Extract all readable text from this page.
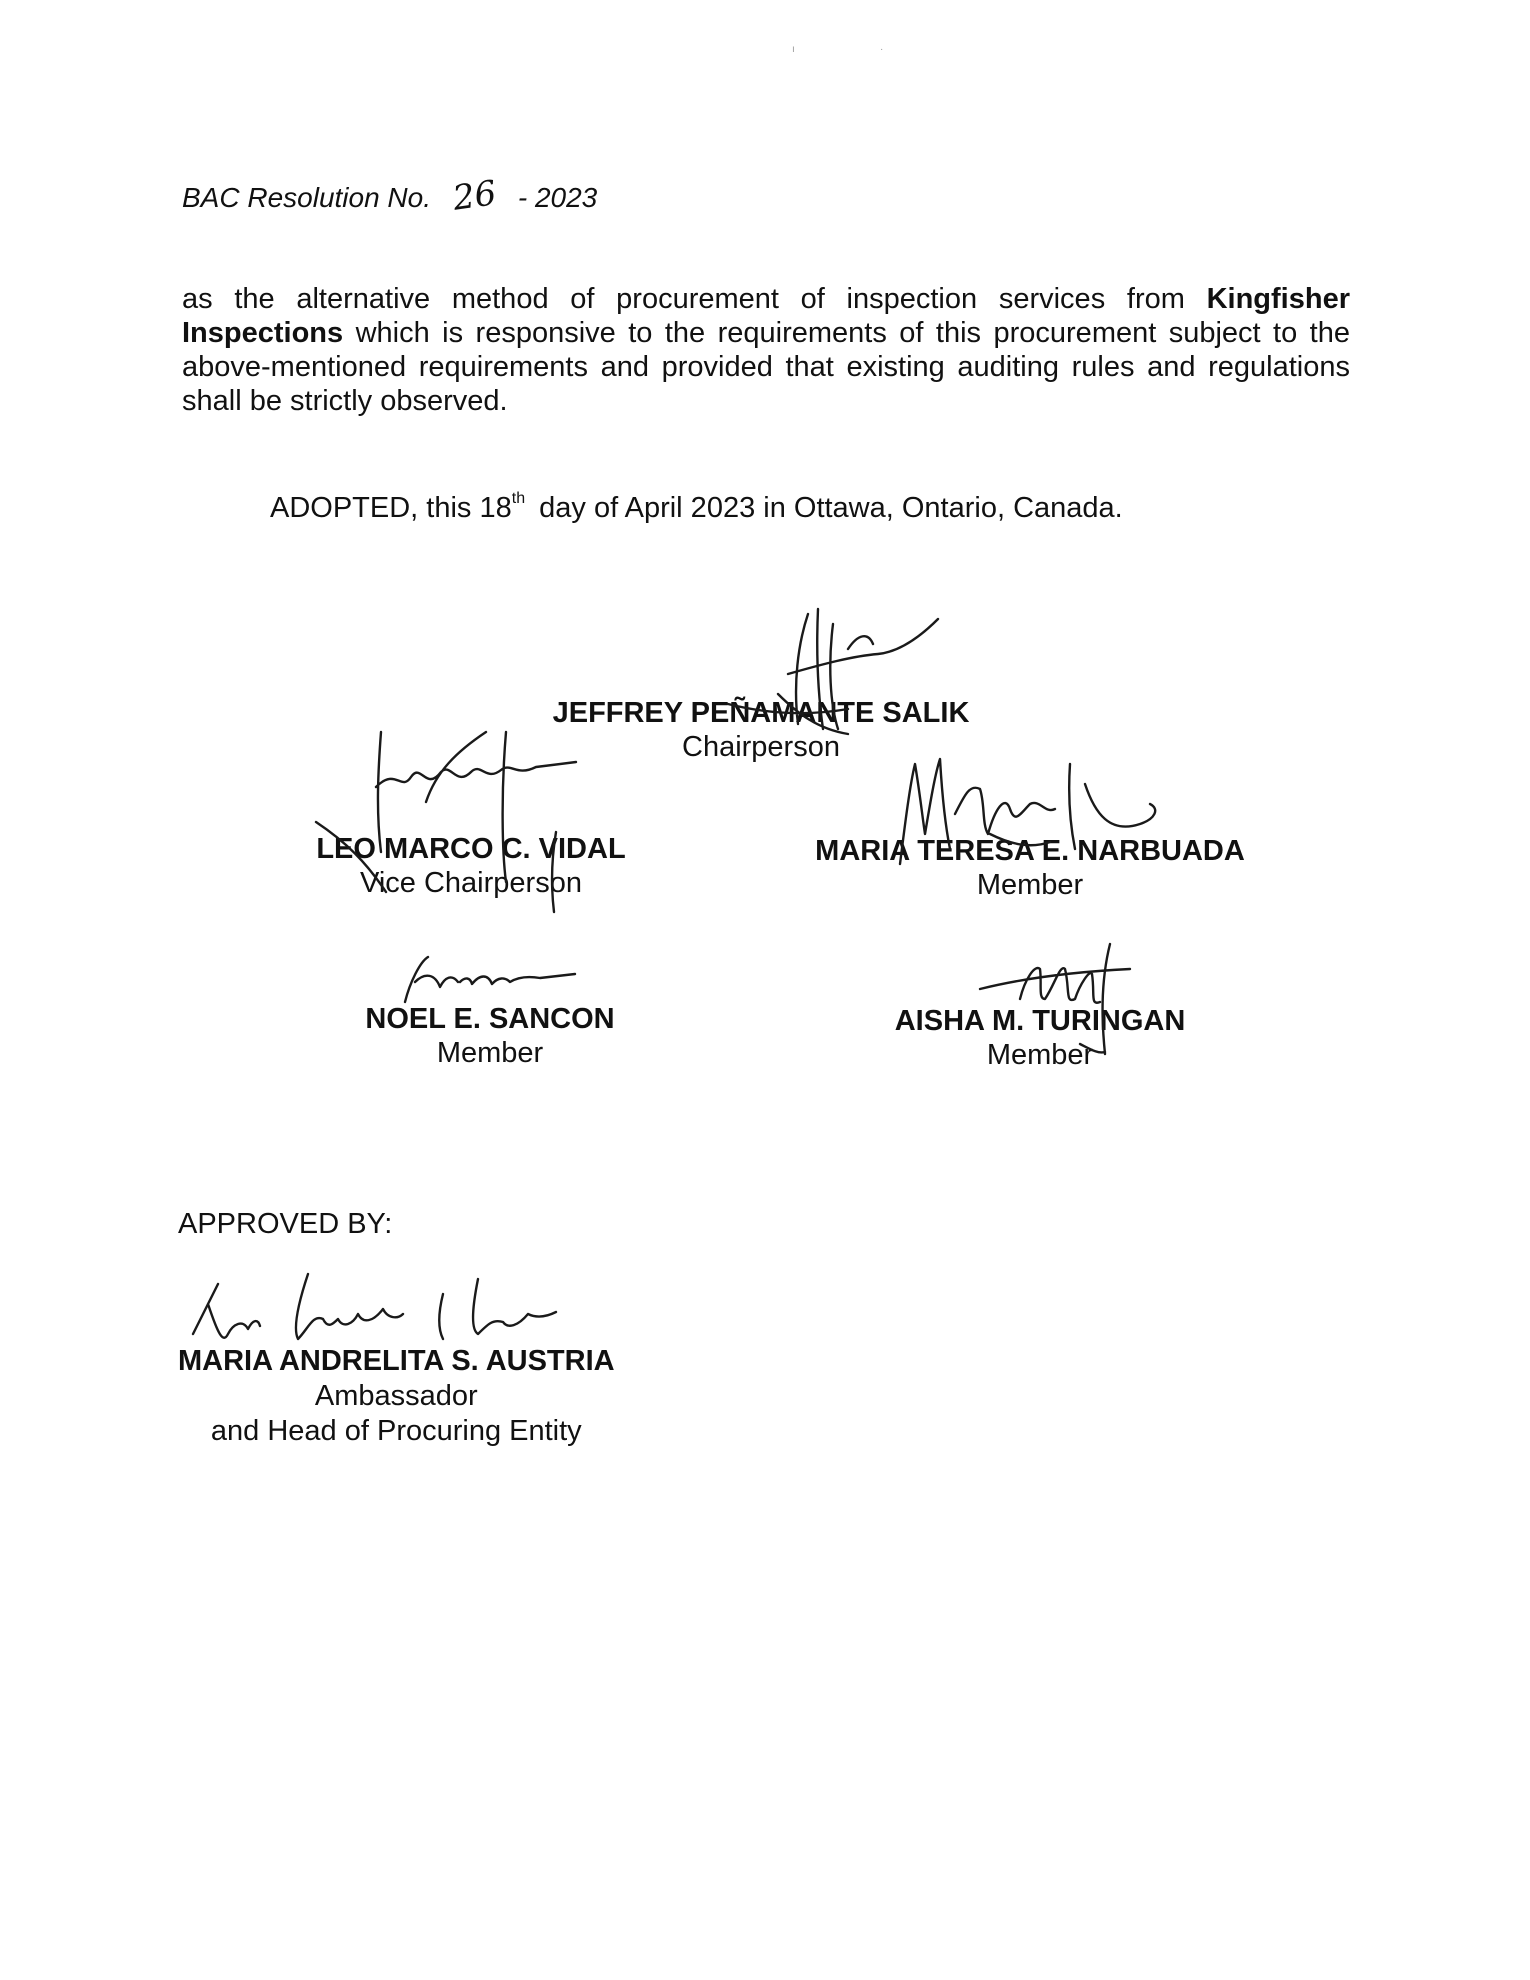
ı	·
BAC Resolution No. 26 - 2023
as the alternative method of procurement of inspection services from Kingfisher Inspections which is responsive to the requirements of this procurement subject to the above-mentioned requirements and provided that existing auditing rules and regulations shall be strictly observed.
ADOPTED, this 18th day of April 2023 in Ottawa, Ontario, Canada.
JEFFREY PEÑAMANTE SALIK
Chairperson
LEO MARCO C. VIDAL
Vice Chairperson
MARIA TERESA E. NARBUADA
Member
NOEL E. SANCON
Member
AISHA M. TURINGAN
Member
APPROVED BY:
MARIA ANDRELITA S. AUSTRIA
Ambassador
and Head of Procuring Entity
